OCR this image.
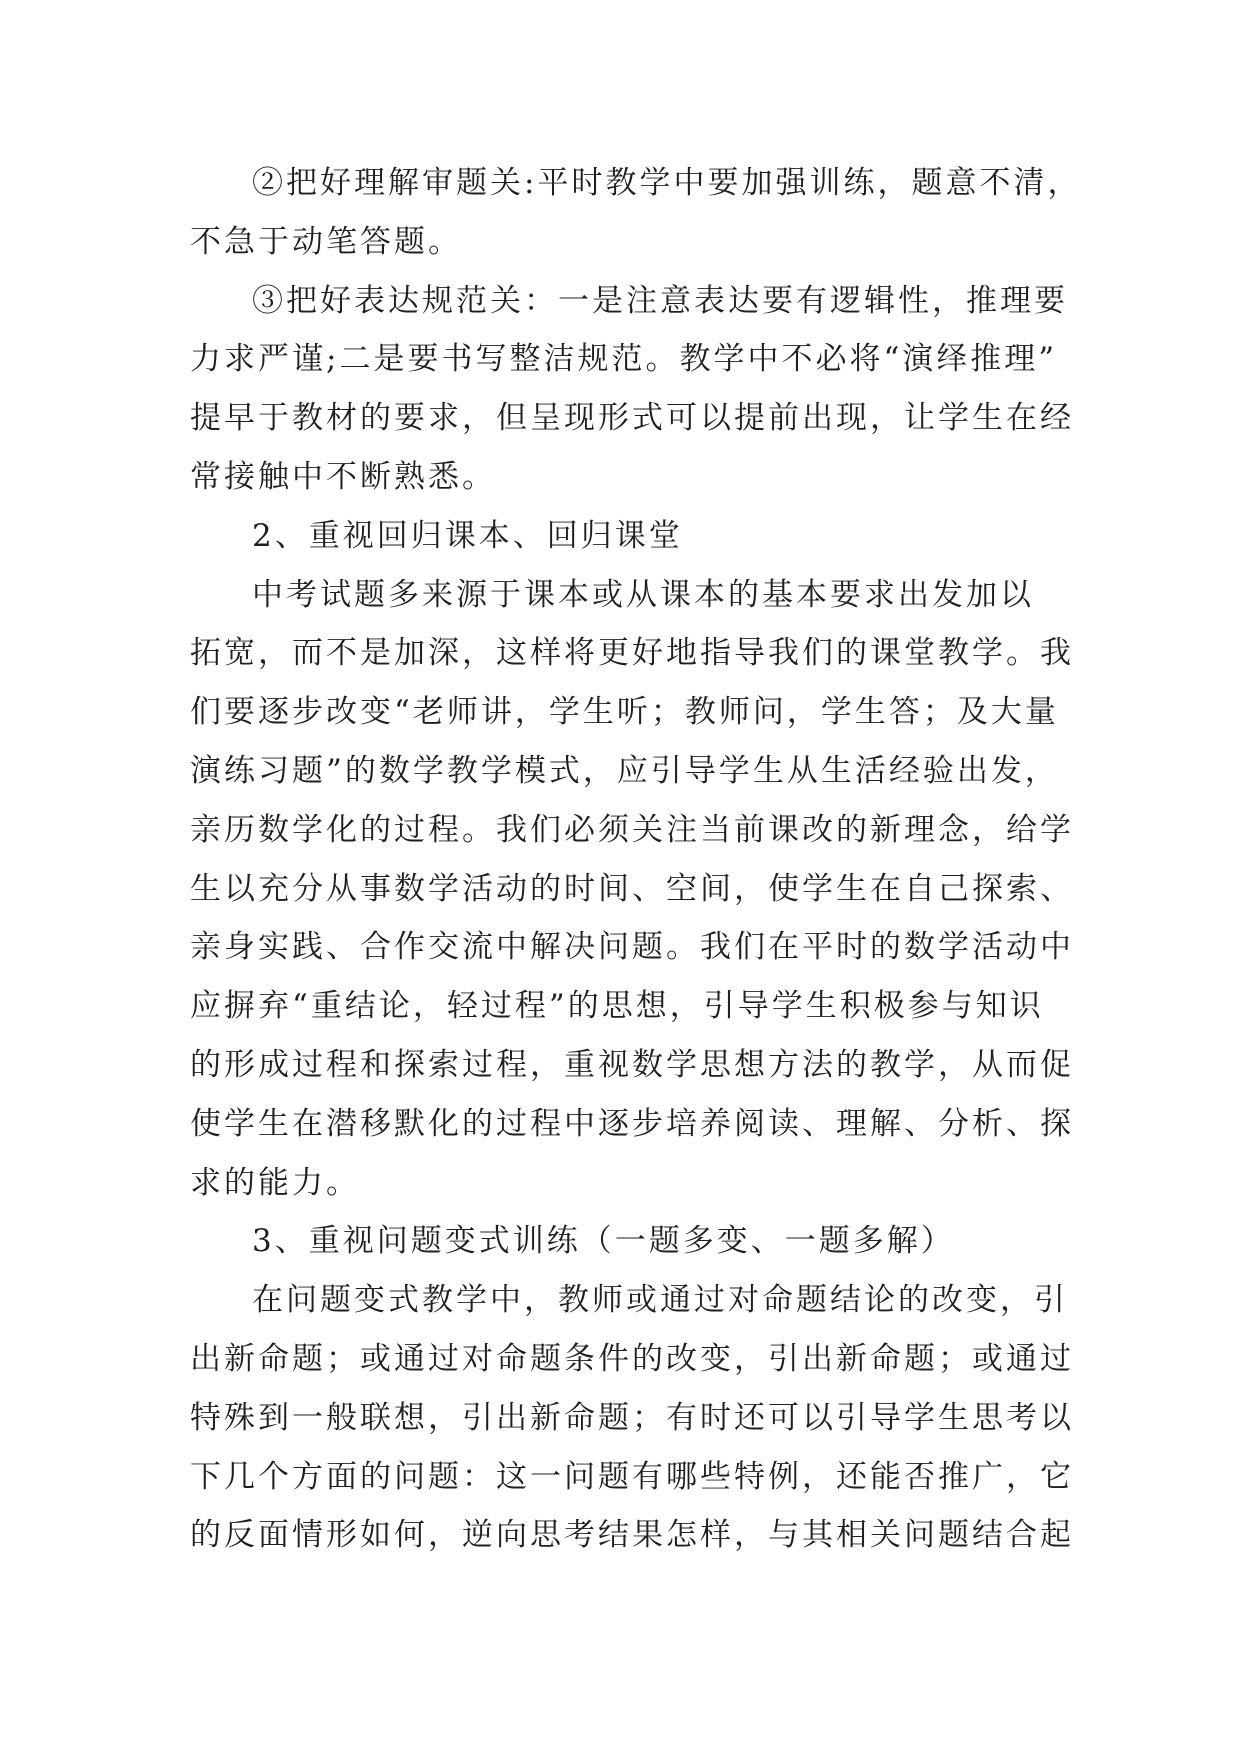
②把好理解审题关:平时教学中要加强训练，题意不清，
不急于动笔答题。
③把好表达规范关：一是注意表达要有逻辑性，推理要
力求严谨;二是要书写整洁规范。教学中不必将“演绎推理”
提早于教材的要求，但呈现形式可以提前出现，让学生在经
常接触中不断熟悉。
2、重视回归课本、回归课堂
中考试题多来源于课本或从课本的基本要求出发加以
拓宽，而不是加深，这样将更好地指导我们的课堂教学。我
们要逐步改变“老师讲，学生听；教师问，学生答；及大量
演练习题”的数学教学模式，应引导学生从生活经验出发，
亲历数学化的过程。我们必须关注当前课改的新理念，给学
生以充分从事数学活动的时间、空间，使学生在自己探索、
亲身实践、合作交流中解决问题。我们在平时的数学活动中
应摒弃“重结论，轻过程”的思想，引导学生积极参与知识
的形成过程和探索过程，重视数学思想方法的教学，从而促
使学生在潜移默化的过程中逐步培养阅读、理解、分析、探
求的能力。
3、重视问题变式训练（一题多变、一题多解）
在问题变式教学中，教师或通过对命题结论的改变，引
出新命题；或通过对命题条件的改变，引出新命题；或通过
特殊到一般联想，引出新命题；有时还可以引导学生思考以
下几个方面的问题：这一问题有哪些特例，还能否推广，它
的反面情形如何，逆向思考结果怎样，与其相关问题结合起
